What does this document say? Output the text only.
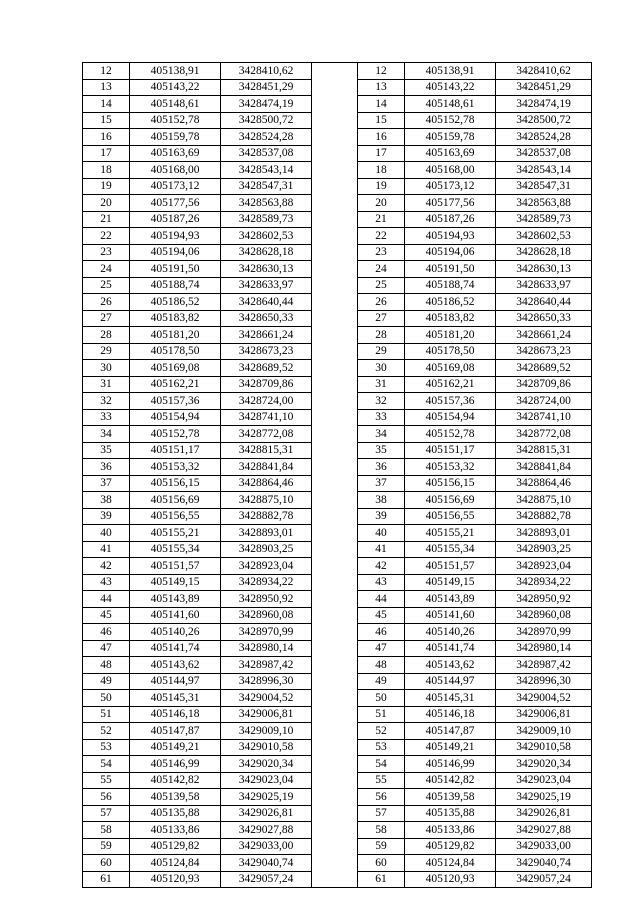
12	405138,91	3428410,62		12	405138,91	3428410,62
13	405143,22	3428451,29		13	405143,22	3428451,29
14	405148,61	3428474,19		14	405148,61	3428474,19
15	405152,78	3428500,72		15	405152,78	3428500,72
16	405159,78	3428524,28		16	405159,78	3428524,28
17	405163,69	3428537,08		17	405163,69	3428537,08
18	405168,00	3428543,14		18	405168,00	3428543,14
19	405173,12	3428547,31		19	405173,12	3428547,31
20	405177,56	3428563,88		20	405177,56	3428563,88
21	405187,26	3428589,73		21	405187,26	3428589,73
22	405194,93	3428602,53		22	405194,93	3428602,53
23	405194,06	3428628,18		23	405194,06	3428628,18
24	405191,50	3428630,13		24	405191,50	3428630,13
25	405188,74	3428633,97		25	405188,74	3428633,97
26	405186,52	3428640,44		26	405186,52	3428640,44
27	405183,82	3428650,33		27	405183,82	3428650,33
28	405181,20	3428661,24		28	405181,20	3428661,24
29	405178,50	3428673,23		29	405178,50	3428673,23
30	405169,08	3428689,52		30	405169,08	3428689,52
31	405162,21	3428709,86		31	405162,21	3428709,86
32	405157,36	3428724,00		32	405157,36	3428724,00
33	405154,94	3428741,10		33	405154,94	3428741,10
34	405152,78	3428772,08		34	405152,78	3428772,08
35	405151,17	3428815,31		35	405151,17	3428815,31
36	405153,32	3428841,84		36	405153,32	3428841,84
37	405156,15	3428864,46		37	405156,15	3428864,46
38	405156,69	3428875,10		38	405156,69	3428875,10
39	405156,55	3428882,78		39	405156,55	3428882,78
40	405155,21	3428893,01		40	405155,21	3428893,01
41	405155,34	3428903,25		41	405155,34	3428903,25
42	405151,57	3428923,04		42	405151,57	3428923,04
43	405149,15	3428934,22		43	405149,15	3428934,22
44	405143,89	3428950,92		44	405143,89	3428950,92
45	405141,60	3428960,08		45	405141,60	3428960,08
46	405140,26	3428970,99		46	405140,26	3428970,99
47	405141,74	3428980,14		47	405141,74	3428980,14
48	405143,62	3428987,42		48	405143,62	3428987,42
49	405144,97	3428996,30		49	405144,97	3428996,30
50	405145,31	3429004,52		50	405145,31	3429004,52
51	405146,18	3429006,81		51	405146,18	3429006,81
52	405147,87	3429009,10		52	405147,87	3429009,10
53	405149,21	3429010,58		53	405149,21	3429010,58
54	405146,99	3429020,34		54	405146,99	3429020,34
55	405142,82	3429023,04		55	405142,82	3429023,04
56	405139,58	3429025,19		56	405139,58	3429025,19
57	405135,88	3429026,81		57	405135,88	3429026,81
58	405133,86	3429027,88		58	405133,86	3429027,88
59	405129,82	3429033,00		59	405129,82	3429033,00
60	405124,84	3429040,74		60	405124,84	3429040,74
61	405120,93	3429057,24		61	405120,93	3429057,24
